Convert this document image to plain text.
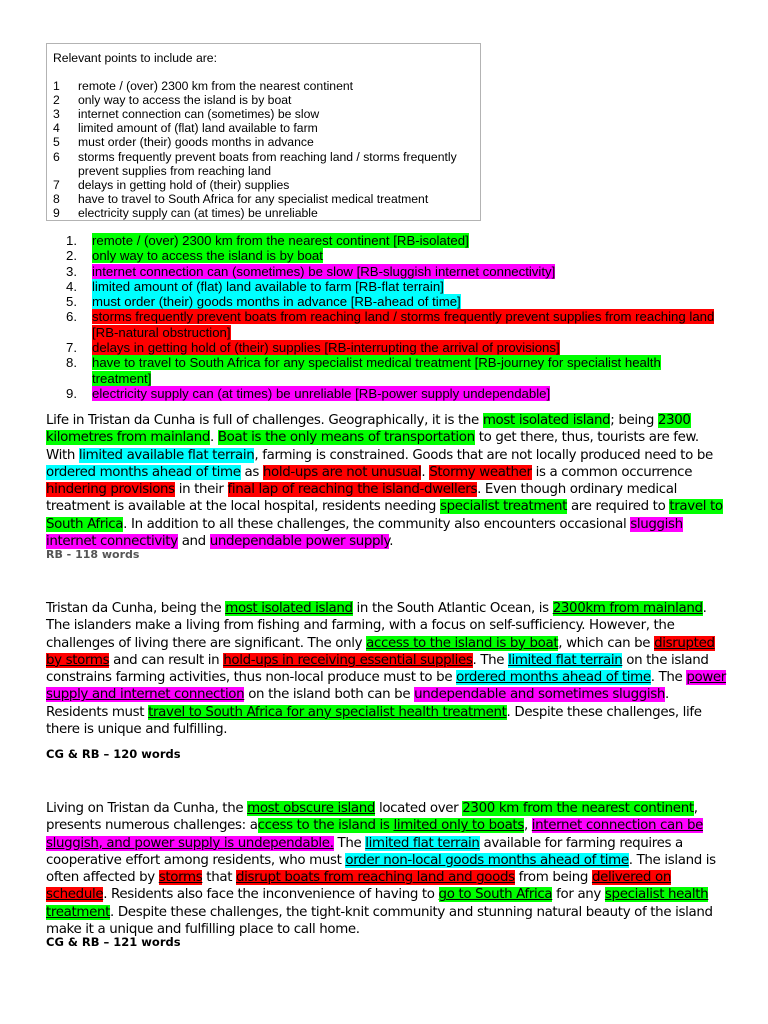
Relevant points to include are:
1	remote / (over) 2300 km from the nearest continent
2	only way to access the island is by boat
3	internet connection can (sometimes) be slow
4	limited amount of (flat) land available to farm
5	must order (their) goods months in advance
6	storms frequently prevent boats from reaching land / storms frequently prevent supplies from reaching land
7	delays in getting hold of (their) supplies
8	have to travel to South Africa for any specialist medical treatment
9	electricity supply can (at times) be unreliable
1.	remote / (over) 2300 km from the nearest continent [RB-isolated]
2.	only way to access the island is by boat
3.	internet connection can (sometimes) be slow [RB-sluggish internet connectivity]
4.	limited amount of (flat) land available to farm [RB-flat terrain]
5.	must order (their) goods months in advance [RB-ahead of time]
6.	storms frequently prevent boats from reaching land / storms frequently prevent supplies from reaching land [RB-natural obstruction]
7.	delays in getting hold of (their) supplies [RB-interrupting the arrival of provisions]
8.	have to travel to South Africa for any specialist medical treatment [RB-journey for specialist health treatment]
9.	electricity supply can (at times) be unreliable [RB-power supply undependable]

Life in Tristan da Cunha is full of challenges. Geographically, it is the most isolated island; being 2300 kilometres from mainland. Boat is the only means of transportation to get there, thus, tourists are few.
With limited available flat terrain, farming is constrained. Goods that are not locally produced need to be ordered months ahead of time as hold-ups are not unusual. Stormy weather is a common occurrence hindering provisions in their final lap of reaching the island-dwellers. Even though ordinary medical treatment is available at the local hospital, residents needing specialist treatment are required to travel to South Africa. In addition to all these challenges, the community also encounters occasional sluggish internet connectivity and undependable power supply.

RB - 118 words

Tristan da Cunha, being the most isolated island in the South Atlantic Ocean, is 2300km from mainland. The islanders make a living from fishing and farming, with a focus on self-sufficiency. However, the challenges of living there are significant. The only access to the island is by boat, which can be disrupted by storms and can result in hold-ups in receiving essential supplies. The limited flat terrain on the island constrains farming activities, thus non-local produce must to be ordered months ahead of time. The power supply and internet connection on the island both can be undependable and sometimes sluggish. Residents must travel to South Africa for any specialist health treatment. Despite these challenges, life there is unique and fulfilling.

CG & RB – 120 words

Living on Tristan da Cunha, the most obscure island located over 2300 km from the nearest continent, presents numerous challenges: access to the island is limited only to boats, internet connection can be sluggish, and power supply is undependable. The limited flat terrain available for farming requires a cooperative effort among residents, who must order non-local goods months ahead of time. The island is often affected by storms that disrupt boats from reaching land and goods from being delivered on schedule. Residents also face the inconvenience of having to go to South Africa for any specialist health treatment. Despite these challenges, the tight-knit community and stunning natural beauty of the island make it a unique and fulfilling place to call home.

CG & RB – 121 words
